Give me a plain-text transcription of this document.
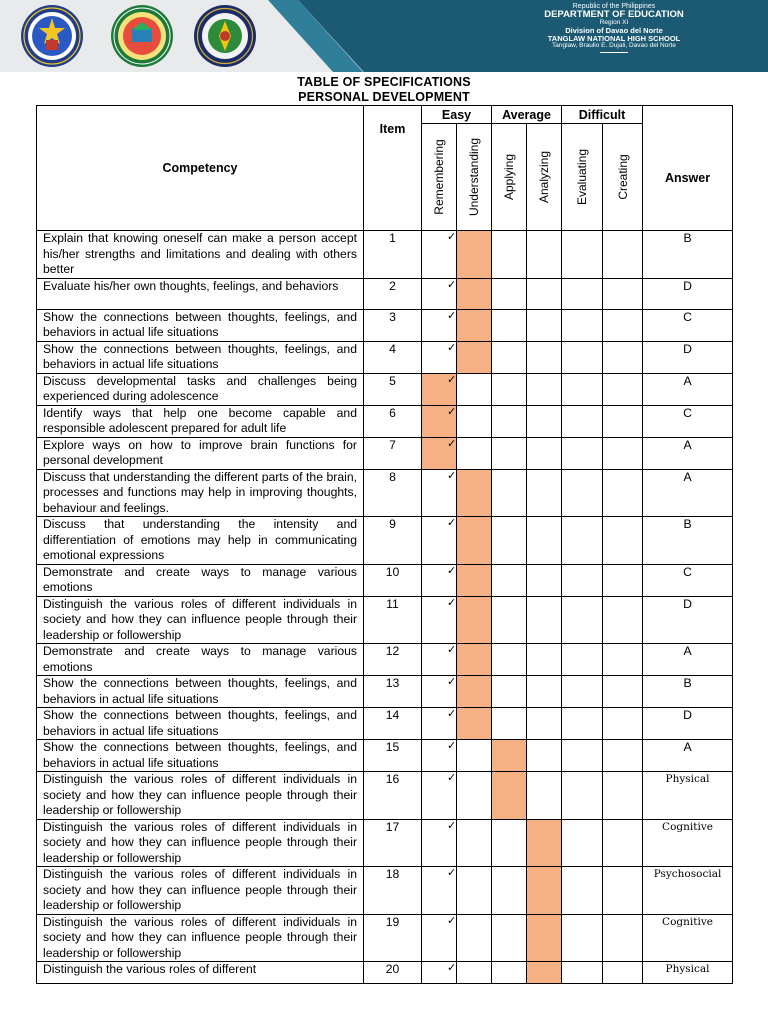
Republic of the Philippines
DEPARTMENT OF EDUCATION
Region XI
Division of Davao del Norte
TANGLAW NATIONAL HIGH SCHOOL
Tanglaw, Braulio E. Dujali, Davao del Norte
TABLE OF SPECIFICATIONS
PERSONAL DEVELOPMENT
Competency	Item	Easy		Average		Difficult		Answer

		Remembering	Understanding	Applying	Analyzing	Evaluating	Creating	

Explain that knowing oneself can make a person accept his/her strengths and limitations and dealing with others better	1	✓						B
Evaluate his/her own thoughts, feelings, and behaviors	2	✓						D
Show the connections between thoughts, feelings, and behaviors in actual life situations	3	✓						C
Show the connections between thoughts, feelings, and behaviors in actual life situations	4	✓						D
Discuss developmental tasks and challenges being experienced during adolescence	5	✓						A
Identify ways that help one become capable and responsible adolescent prepared for adult life	6	✓						C
Explore ways on how to improve brain functions for personal development	7	✓						A
Discuss that understanding the different parts of the brain, processes and functions may help in improving thoughts, behaviour and feelings.	8	✓						A
Discuss that understanding the intensity and differentiation of emotions may help in communicating emotional expressions	9	✓						B
Demonstrate and create ways to manage various emotions	10	✓						C
Distinguish the various roles of different individuals in society and how they can influence people through their leadership or followership	11	✓						D
Demonstrate and create ways to manage various emotions	12	✓						A
Show the connections between thoughts, feelings, and behaviors in actual life situations	13	✓						B
Show the connections between thoughts, feelings, and behaviors in actual life situations	14	✓						D
Show the connections between thoughts, feelings, and behaviors in actual life situations	15	✓						A
Distinguish the various roles of different individuals in society and how they can influence people through their leadership or followership	16	✓						Physical
Distinguish the various roles of different individuals in society and how they can influence people through their leadership or followership	17	✓						Cognitive
Distinguish the various roles of different individuals in society and how they can influence people through their leadership or followership	18	✓						Psychosocial
Distinguish the various roles of different individuals in society and how they can influence people through their leadership or followership	19	✓						Cognitive
Distinguish the various roles of different	20	✓						Physical
